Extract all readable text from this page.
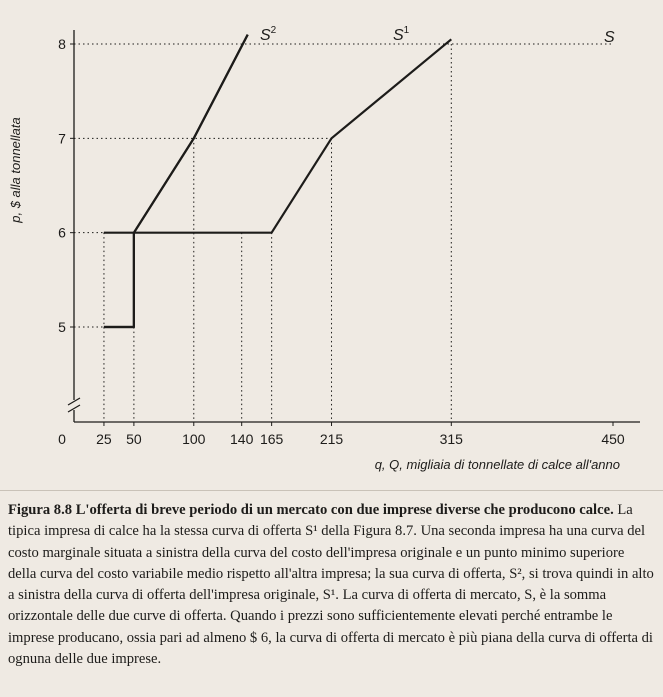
25 50	100 140 165	215	315	450
5
6
7
8	$S^2$	$S^1$	S
0
p, $ alla tonnellata
q, Q, migliaia di tonnellate di calce all'anno
Figura 8.8 L'offerta di breve periodo di un mercato con due imprese diverse che producono calce. La tipica impresa di calce ha la stessa curva di offerta S¹ della Figura 8.7. Una seconda impresa ha una curva del costo marginale situata a sinistra della curva del costo dell'impresa originale e un punto minimo superiore della curva del costo variabile medio rispetto all'altra impresa; la sua curva di offerta, S², si trova quindi in alto a sinistra della curva di offerta dell'impresa originale, S¹. La curva di offerta di mercato, S, è la somma orizzontale delle due curve di offerta. Quando i prezzi sono sufficientemente elevati perché entrambe le imprese producano, ossia pari ad almeno $ 6, la curva di offerta di mercato è più piana della curva di offerta di ognuna delle due imprese.
